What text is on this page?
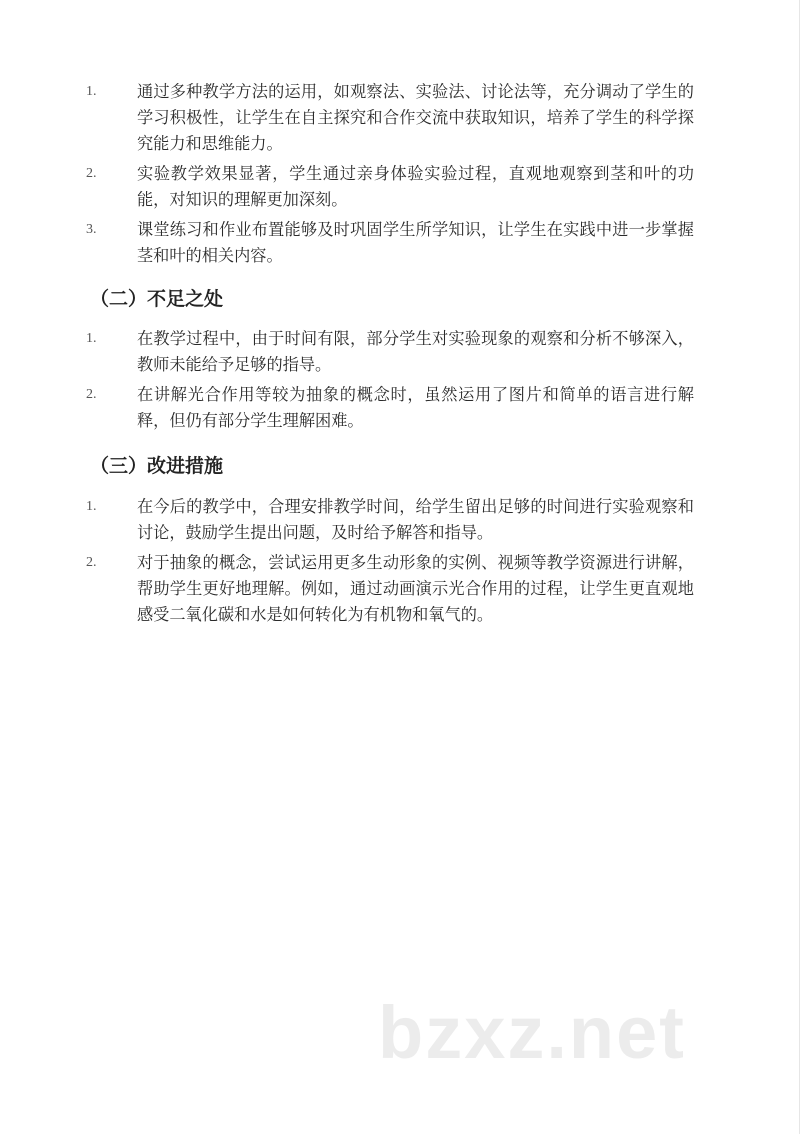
1.	通过多种教学方法的运用，如观察法、实验法、讨论法等，充分调动了学生的学习积极性，让学生在自主探究和合作交流中获取知识，培养了学生的科学探究能力和思维能力。
2.	实验教学效果显著，学生通过亲身体验实验过程，直观地观察到茎和叶的功能，对知识的理解更加深刻。
3.	课堂练习和作业布置能够及时巩固学生所学知识，让学生在实践中进一步掌握茎和叶的相关内容。
（二）不足之处
1.	在教学过程中，由于时间有限，部分学生对实验现象的观察和分析不够深入，教师未能给予足够的指导。
2.	在讲解光合作用等较为抽象的概念时，虽然运用了图片和简单的语言进行解释，但仍有部分学生理解困难。
（三）改进措施
1.	在今后的教学中，合理安排教学时间，给学生留出足够的时间进行实验观察和讨论，鼓励学生提出问题，及时给予解答和指导。
2.	对于抽象的概念，尝试运用更多生动形象的实例、视频等教学资源进行讲解，帮助学生更好地理解。例如，通过动画演示光合作用的过程，让学生更直观地感受二氧化碳和水是如何转化为有机物和氧气的。
bzxz.net
